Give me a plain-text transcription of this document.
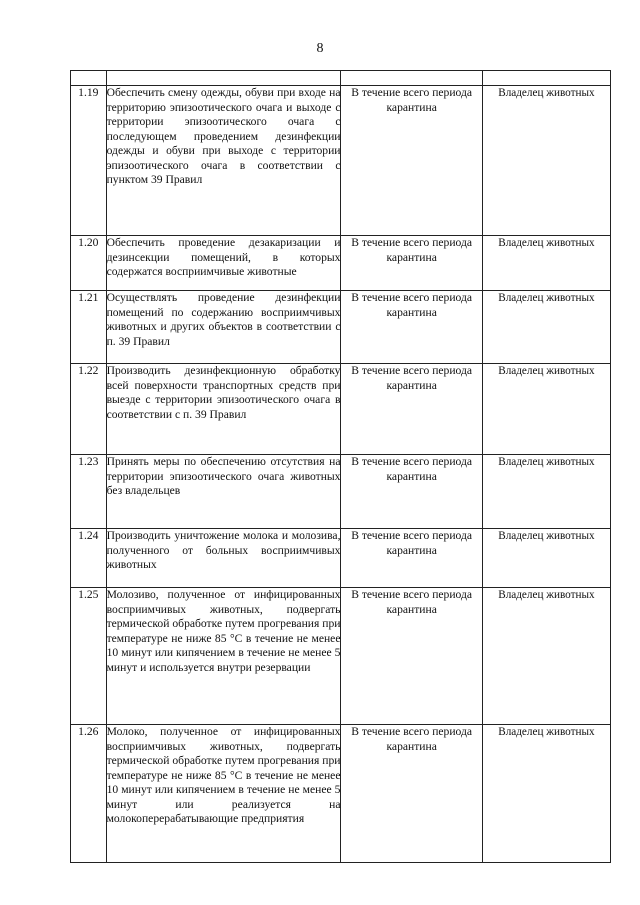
8

1.19	Обеспечить смену одежды, обуви при входе на территорию эпизоотического очага и выходе с территории эпизоотического очага с последующем проведением дезинфекции одежды и обуви при выходе с территории эпизоотического очага в соответствии с пунктом 39 Правил	В течение всего периода карантина	Владелец животных
1.20	Обеспечить проведение дезакаризации и дезинсекции помещений, в которых содержатся восприимчивые животные	В течение всего периода карантина	Владелец животных
1.21	Осуществлять проведение дезинфекции помещений по содержанию восприимчивых животных и других объектов в соответствии с п. 39 Правил	В течение всего периода карантина	Владелец животных
1.22	Производить дезинфекционную обработку всей поверхности транспортных средств при выезде с территории эпизоотического очага в соответствии с п. 39 Правил	В течение всего периода карантина	Владелец животных
1.23	Принять меры по обеспечению отсутствия на территории эпизоотического очага животных без владельцев	В течение всего периода карантина	Владелец животных
1.24	Производить уничтожение молока и молозива, полученного от больных восприимчивых животных	В течение всего периода карантина	Владелец животных
1.25	Молозиво, полученное от инфицированных восприимчивых животных, подвергать термической обработке путем прогревания при температуре не ниже 85 °С в течение не менее 10 минут или кипячением в течение не менее 5 минут и используется внутри резервации	В течение всего периода карантина	Владелец животных
1.26	Молоко, полученное от инфицированных восприимчивых животных, подвергать термической обработке путем прогревания при температуре не ниже 85 °С в течение не менее 10 минут или кипячением в течение не менее 5 минут или реализуется на молокоперерабатывающие предприятия	В течение всего периода карантина	Владелец животных
